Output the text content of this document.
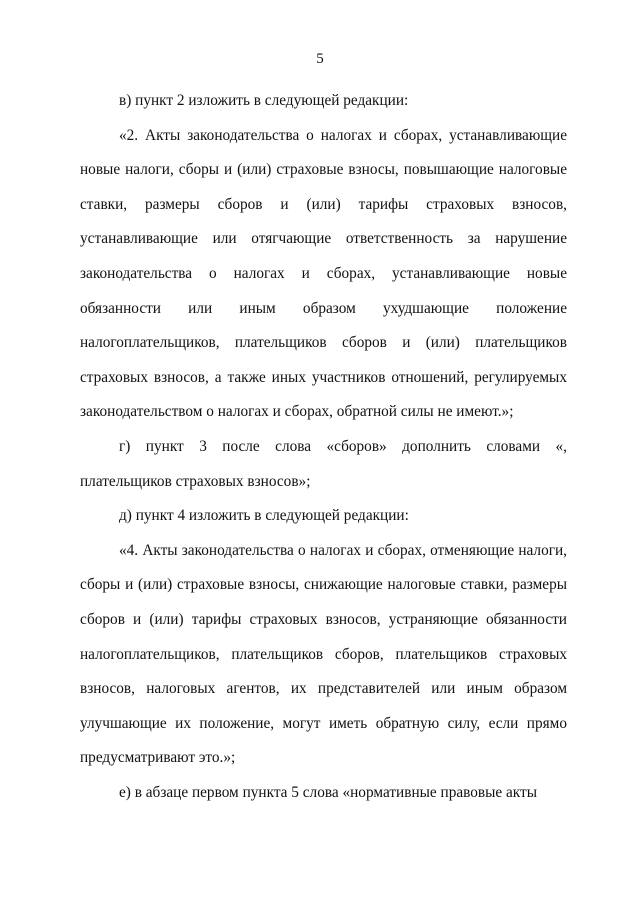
5

в) пункт 2 изложить в следующей редакции:

«2. Акты законодательства о налогах и сборах, устанавливающие новые налоги, сборы и (или) страховые взносы, повышающие налоговые ставки, размеры сборов и (или) тарифы страховых взносов, устанавливающие или отягчающие ответственность за нарушение законодательства о налогах и сборах, устанавливающие новые обязанности или иным образом ухудшающие положение налогоплательщиков, плательщиков сборов и (или) плательщиков страховых взносов, а также иных участников отношений, регулируемых законодательством о налогах и сборах, обратной силы не имеют.»;

г) пункт 3 после слова «сборов» дополнить словами «, плательщиков страховых взносов»;

д) пункт 4 изложить в следующей редакции:

«4. Акты законодательства о налогах и сборах, отменяющие налоги, сборы и (или) страховые взносы, снижающие налоговые ставки, размеры сборов и (или) тарифы страховых взносов, устраняющие обязанности налогоплательщиков, плательщиков сборов, плательщиков страховых взносов, налоговых агентов, их представителей или иным образом улучшающие их положение, могут иметь обратную силу, если прямо предусматривают это.»;

е) в абзаце первом пункта 5 слова «нормативные правовые акты
